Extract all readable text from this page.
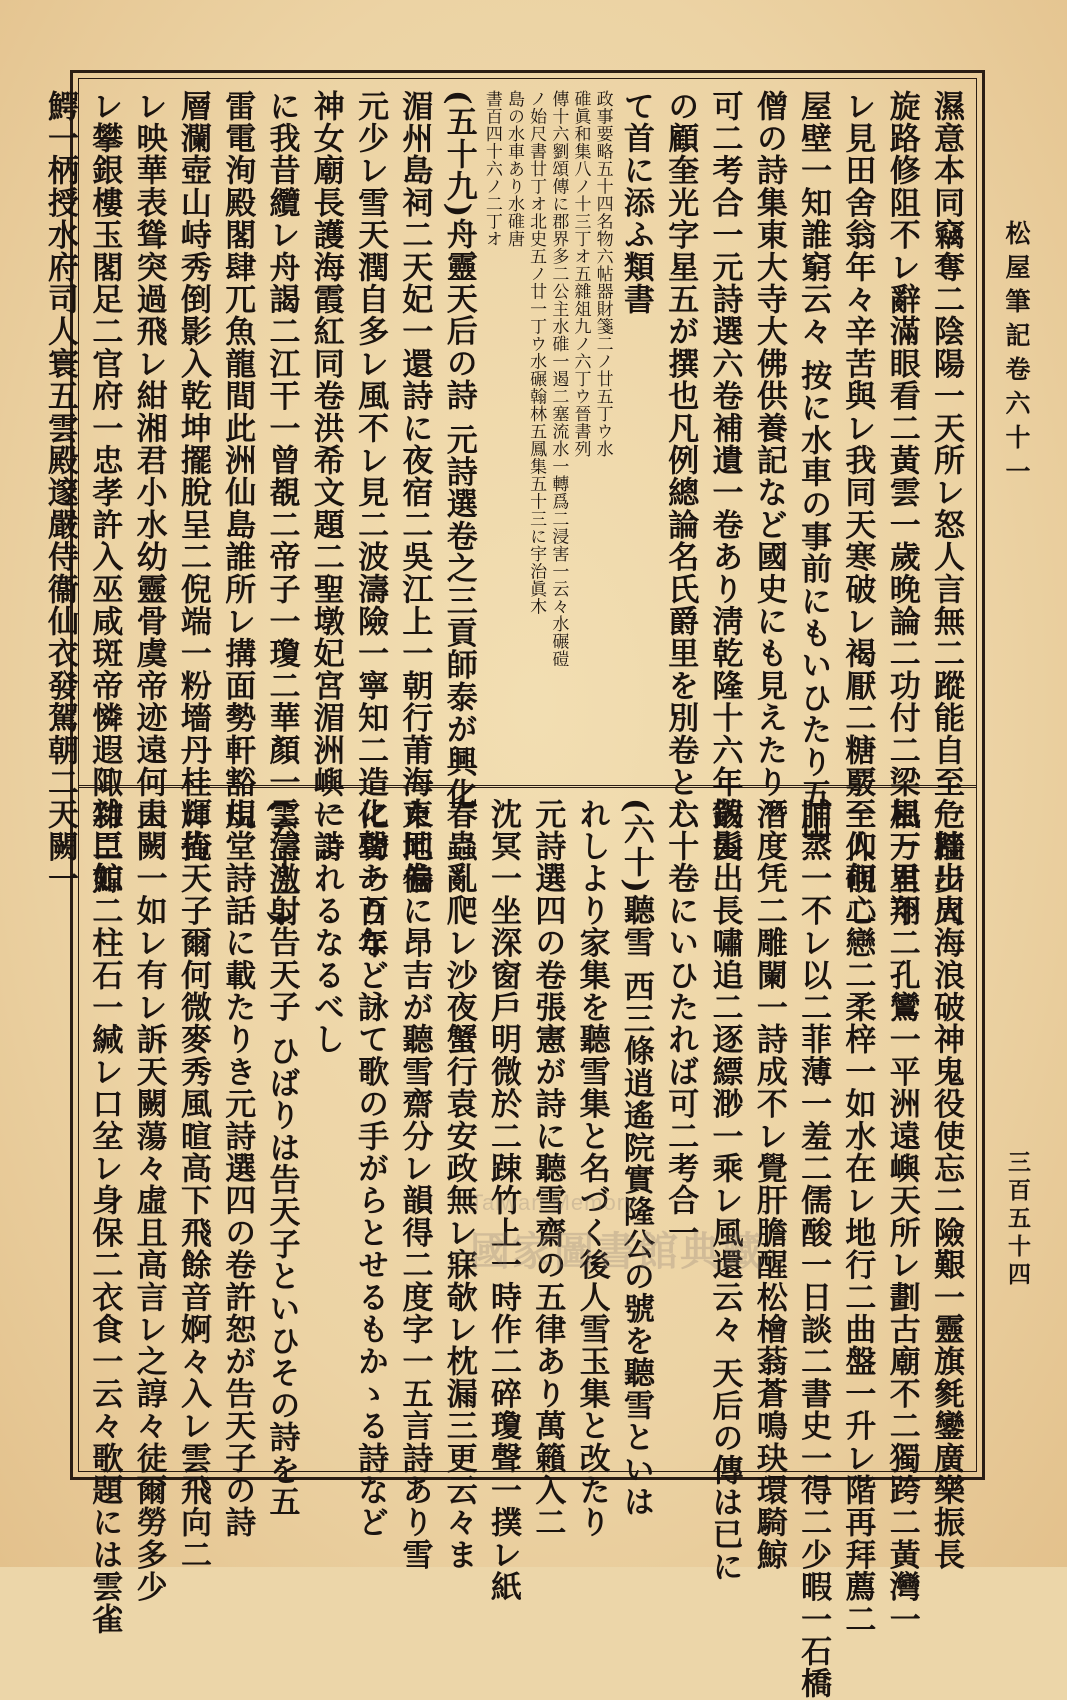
松屋筆記卷六十一
三百五十四
濕意本同竊奪二陰陽一天所レ怒人言無二蹤能自至一跬步周
旋路修阻不レ辭滿眼看二黃雲一歲晚論二功付二梁梠一君不
レ見田舍翁年々辛苦與レ我同天寒破レ褐厭二糖覈一仰覗二
屋壁一知誰窮云々 按に水車の事前にもいひたり五山
僧の詩集東大寺大佛供養記など國史にも見えたり
可二考合一元詩選六卷補遺一卷あり淸乾隆十六年錫山
の顧奎光字星五が撰也凡例總論名氏爵里を別卷とし
て首に添ふ類書
政事要略五十四名物六帖器財箋二ノ廿五丁ウ水
碓眞和集八ノ十三丁オ五雜俎九ノ六丁ウ晉書列
傳十六劉頌傳に郡界多二公主水碓一遏二塞流水一轉爲二浸害一云々水碾磑
ノ始尺書廿丁オ北史五ノ廿一丁ウ水碾翰林五鳳集五十三に宇治眞木
島の水車あり水碓唐
書百四十六ノ二丁オ
(五十九)舟靈天后の詩 元詩選卷之三貢師泰が興化
湄州島祠二天妃一還詩に夜宿二吳江上一朝行莆海東地偏
元少レ雪天潤自多レ風不レ見二波濤險一寧知二造化功一百年
神女廟長護海霞紅同卷洪希文題二聖墩妃宮湄洲嶼一詩
に我昔纜レ舟謁二江干一曾覩二帝子一瓊二華顏一雲濤激射
雷電洵殿閣肆兀魚龍間此洲仙島誰所レ搆面勢軒豁規
層瀾壺山峙秀倒影入乾坤擺脫呈二倪端一粉墻丹桂輝掩
レ映華表聳突過飛レ紺湘君小水幼靈骨虞帝迹遠何由
レ攀銀樓玉閣足二官府一忠孝許入巫咸斑帝憐遐陬雜二鯨
鰐一柄授水府司人寰五雲殿邃嚴侍衞仙衣發駕朝二天闕一
危檣出火海浪破神鬼役使忘二險艱一靈旗毿鑾廣樂振長
風万里翔二孔鸞一平洲遠嶼天所レ劃古廟不二獨跨二黃灣一
至人何心戀二柔梓一如水在レ地行二曲盤一升レ階再拜薦二
脯蒸一不レ以二菲薄一羞二儒酸一日談二書史一得二少暇一石橋
潛度凭二雕闌一詩成不レ覺肝膽醒松檜蓊蒼鳴玦環騎鯨
散髮出長嘯追二逐縹渺一乘レ風還云々 天后の傳は已に
六十卷にいひたれば可二考合一
(六十)聽雪 西三條逍遙院實隆公の號を聽雪といは
れしより家集を聽雪集と名づく後人雪玉集と改たり
元詩選四の卷張憲が詩に聽雪齋の五律あり萬籟入二
沈冥一坐深窗戶明微於二踈竹上一時作二碎瓊聲一撲レ紙
春蟲亂爬レ沙夜蟹行袁安政無レ寐欹レ枕漏三更云々ま
た同卷に昂吉が聽雪齋分レ韻得二度字一五言詩あり雪
に聲ありなど詠て歌の手がらとせるもかゝる詩など
によれるなるべし
(六十一)告天子 ひばりは告天子といひその詩を五
山堂詩話に載たりき元詩選四の卷許恕が告天子の詩
に告天子爾何微麥秀風暄高下飛餘音婀々入レ雲飛向二
天闕一如レ有レ訴天闕蕩々虛且高言レ之諄々徒爾勞多少
功臣如二柱石一緘レ口坌レ身保二衣食一云々歌題には雲雀	Taiwan Memory
國家圖書館典藏
